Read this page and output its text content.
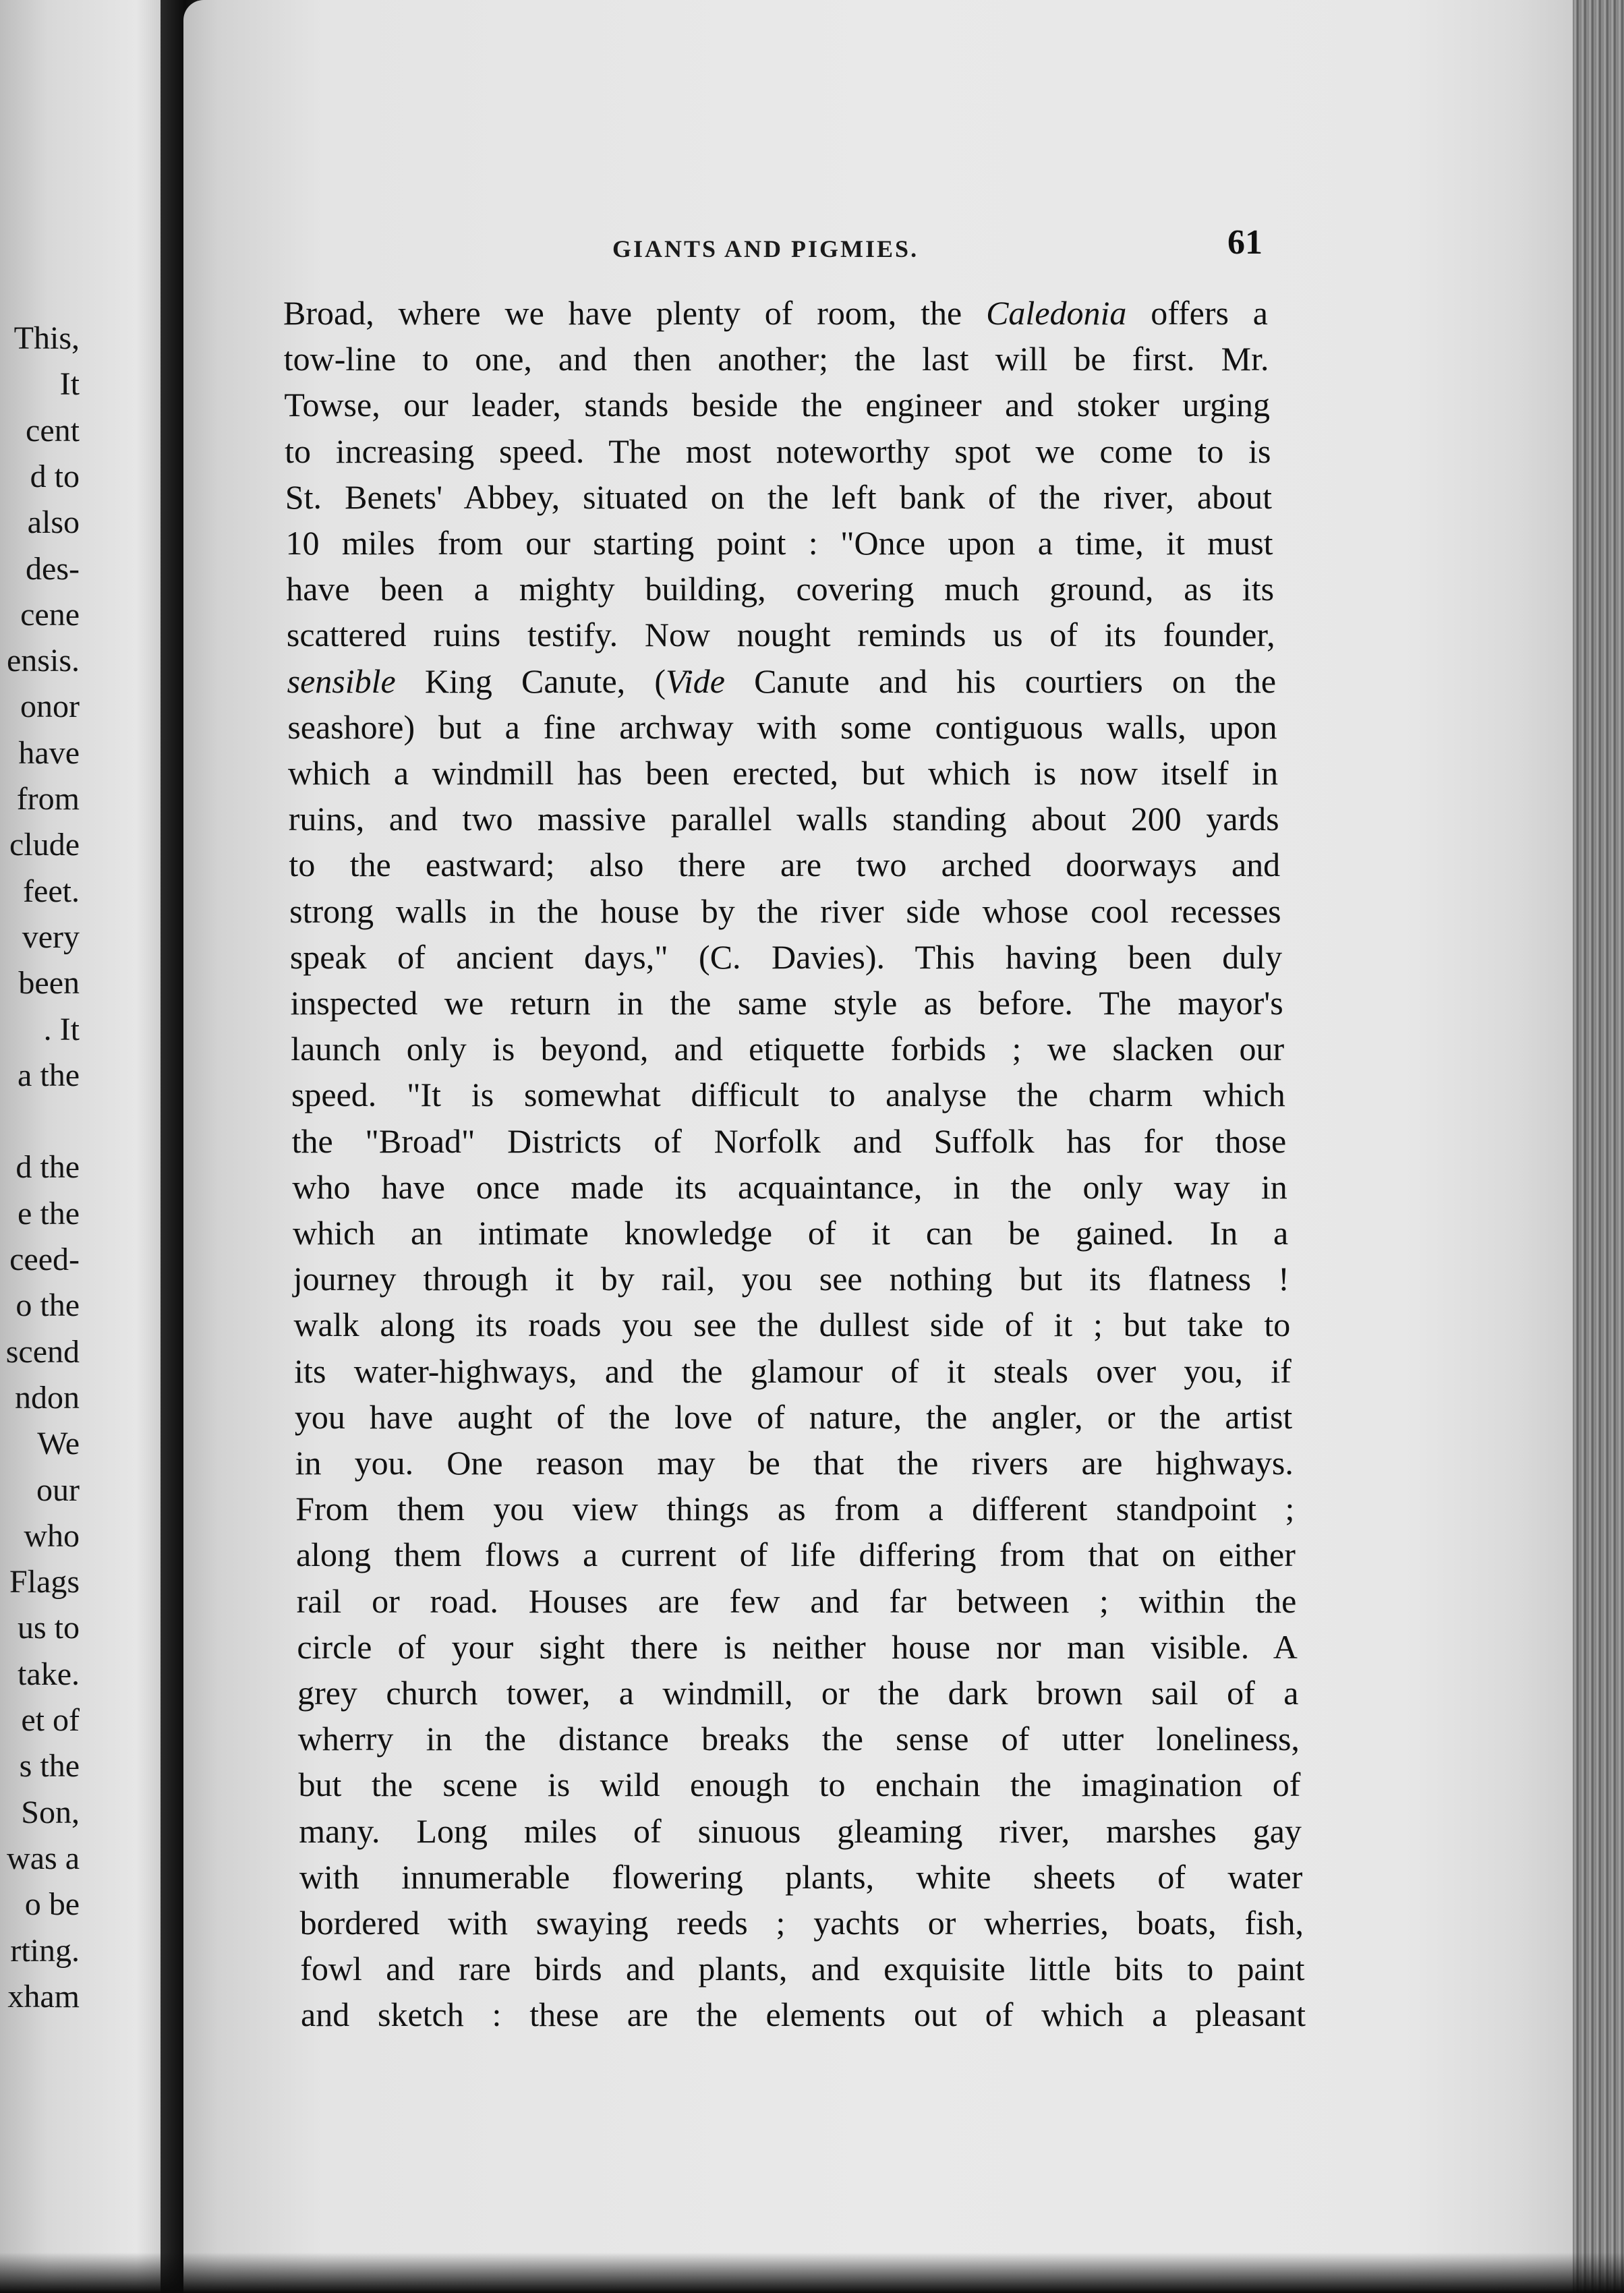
This,
It
cent
d to
also
des-
cene
ensis.
onor
have
from
clude
feet.
very
been
. It
a the
d the
e the
ceed-
o the
scend
ndon
We
our
who
Flags
us to
take.
et of
s the
Son,
was a
o be
rting.
xham
GIANTS AND PIGMIES.	61
Broad, where we have plenty of room, the Caledonia offers a
tow-line to one, and then another; the last will be first. Mr.
Towse, our leader, stands beside the engineer and stoker urging
to increasing speed. The most noteworthy spot we come to is
St. Benets' Abbey, situated on the left bank of the river, about
10 miles from our starting point : "Once upon a time, it must
have been a mighty building, covering much ground, as its
scattered ruins testify. Now nought reminds us of its founder,
sensible King Canute, (Vide Canute and his courtiers on the
seashore) but a fine archway with some contiguous walls, upon
which a windmill has been erected, but which is now itself in
ruins, and two massive parallel walls standing about 200 yards
to the eastward; also there are two arched doorways and
strong walls in the house by the river side whose cool recesses
speak of ancient days," (C. Davies). This having been duly
inspected we return in the same style as before. The mayor's
launch only is beyond, and etiquette forbids ; we slacken our
speed. "It is somewhat difficult to analyse the charm which
the "Broad" Districts of Norfolk and Suffolk has for those
who have once made its acquaintance, in the only way in
which an intimate knowledge of it can be gained. In a
journey through it by rail, you see nothing but its flatness !
walk along its roads you see the dullest side of it ; but take to
its water-highways, and the glamour of it steals over you, if
you have aught of the love of nature, the angler, or the artist
in you. One reason may be that the rivers are highways.
From them you view things as from a different standpoint ;
along them flows a current of life differing from that on either
rail or road. Houses are few and far between ; within the
circle of your sight there is neither house nor man visible. A
grey church tower, a windmill, or the dark brown sail of a
wherry in the distance breaks the sense of utter loneliness,
but the scene is wild enough to enchain the imagination of
many. Long miles of sinuous gleaming river, marshes gay
with innumerable flowering plants, white sheets of water
bordered with swaying reeds ; yachts or wherries, boats, fish,
fowl and rare birds and plants, and exquisite little bits to paint
and sketch : these are the elements out of which a pleasant
